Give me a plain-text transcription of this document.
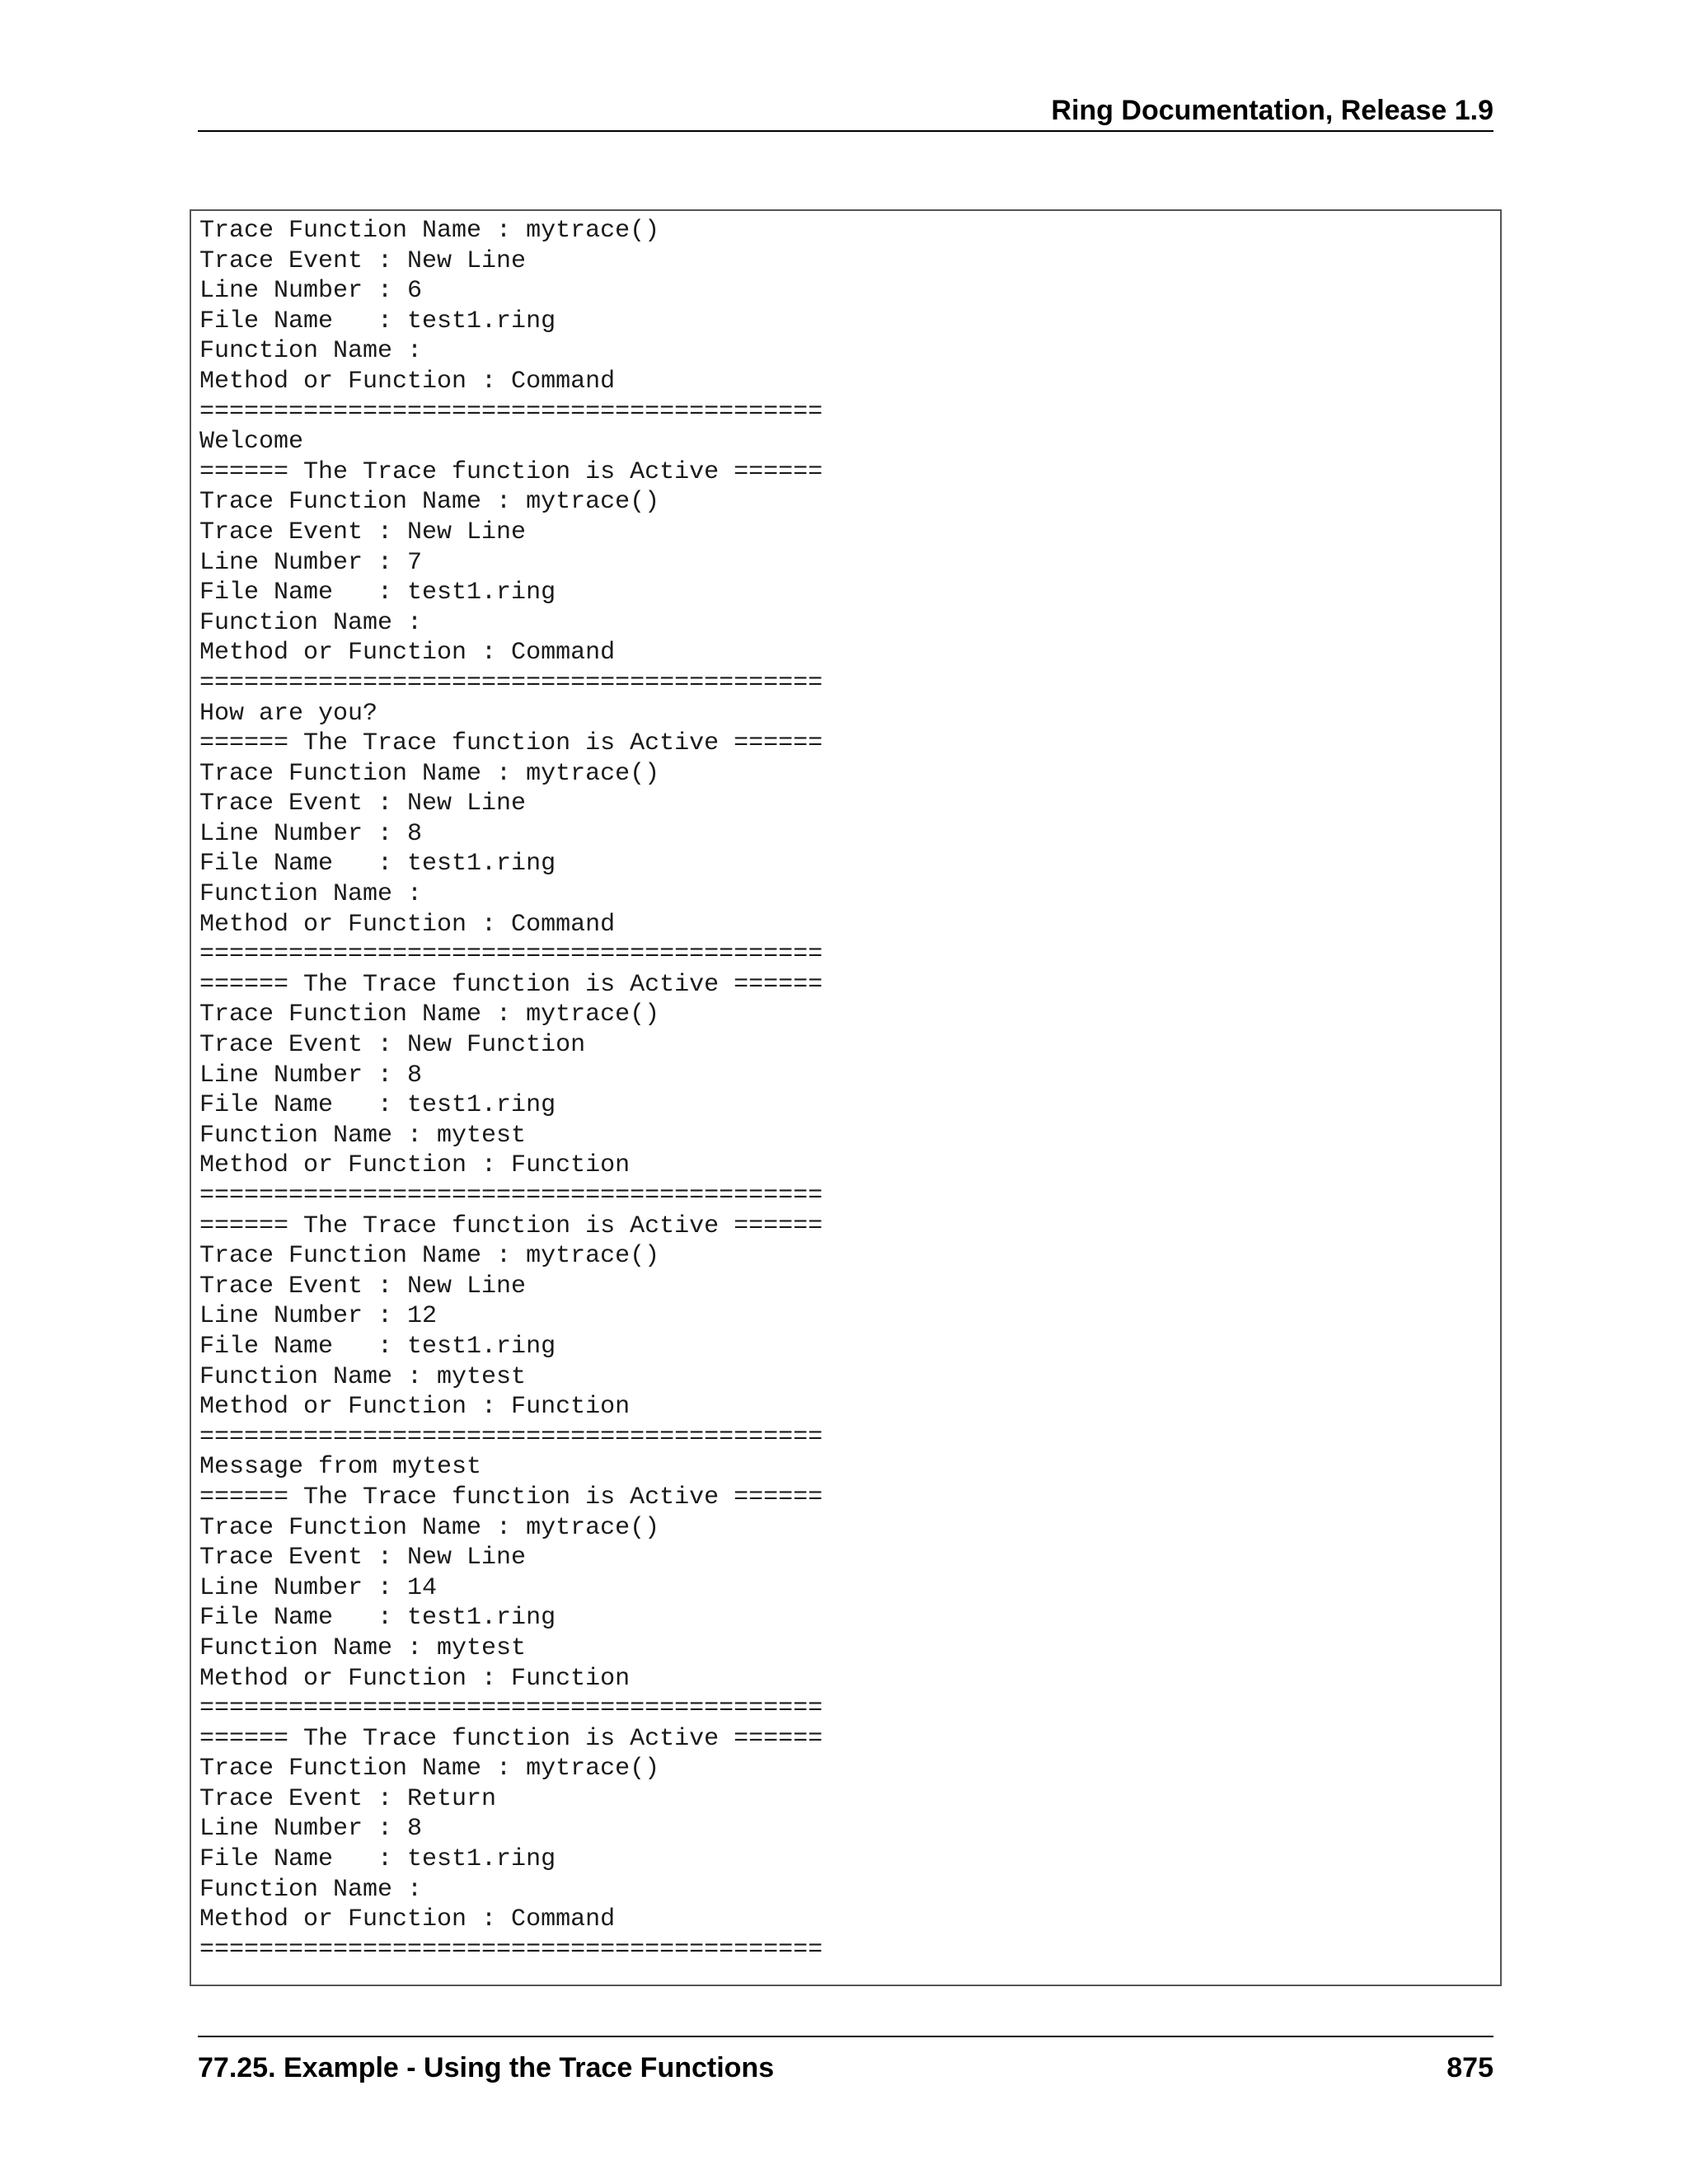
Ring Documentation, Release 1.9
Trace Function Name : mytrace()
Trace Event : New Line
Line Number : 6
File Name   : test1.ring
Function Name :
Method or Function : Command
==========================================
Welcome
====== The Trace function is Active ======
Trace Function Name : mytrace()
Trace Event : New Line
Line Number : 7
File Name   : test1.ring
Function Name :
Method or Function : Command
==========================================
How are you?
====== The Trace function is Active ======
Trace Function Name : mytrace()
Trace Event : New Line
Line Number : 8
File Name   : test1.ring
Function Name :
Method or Function : Command
==========================================
====== The Trace function is Active ======
Trace Function Name : mytrace()
Trace Event : New Function
Line Number : 8
File Name   : test1.ring
Function Name : mytest
Method or Function : Function
==========================================
====== The Trace function is Active ======
Trace Function Name : mytrace()
Trace Event : New Line
Line Number : 12
File Name   : test1.ring
Function Name : mytest
Method or Function : Function
==========================================
Message from mytest
====== The Trace function is Active ======
Trace Function Name : mytrace()
Trace Event : New Line
Line Number : 14
File Name   : test1.ring
Function Name : mytest
Method or Function : Function
==========================================
====== The Trace function is Active ======
Trace Function Name : mytrace()
Trace Event : Return
Line Number : 8
File Name   : test1.ring
Function Name :
Method or Function : Command
==========================================
77.25. Example - Using the Trace Functions	875
